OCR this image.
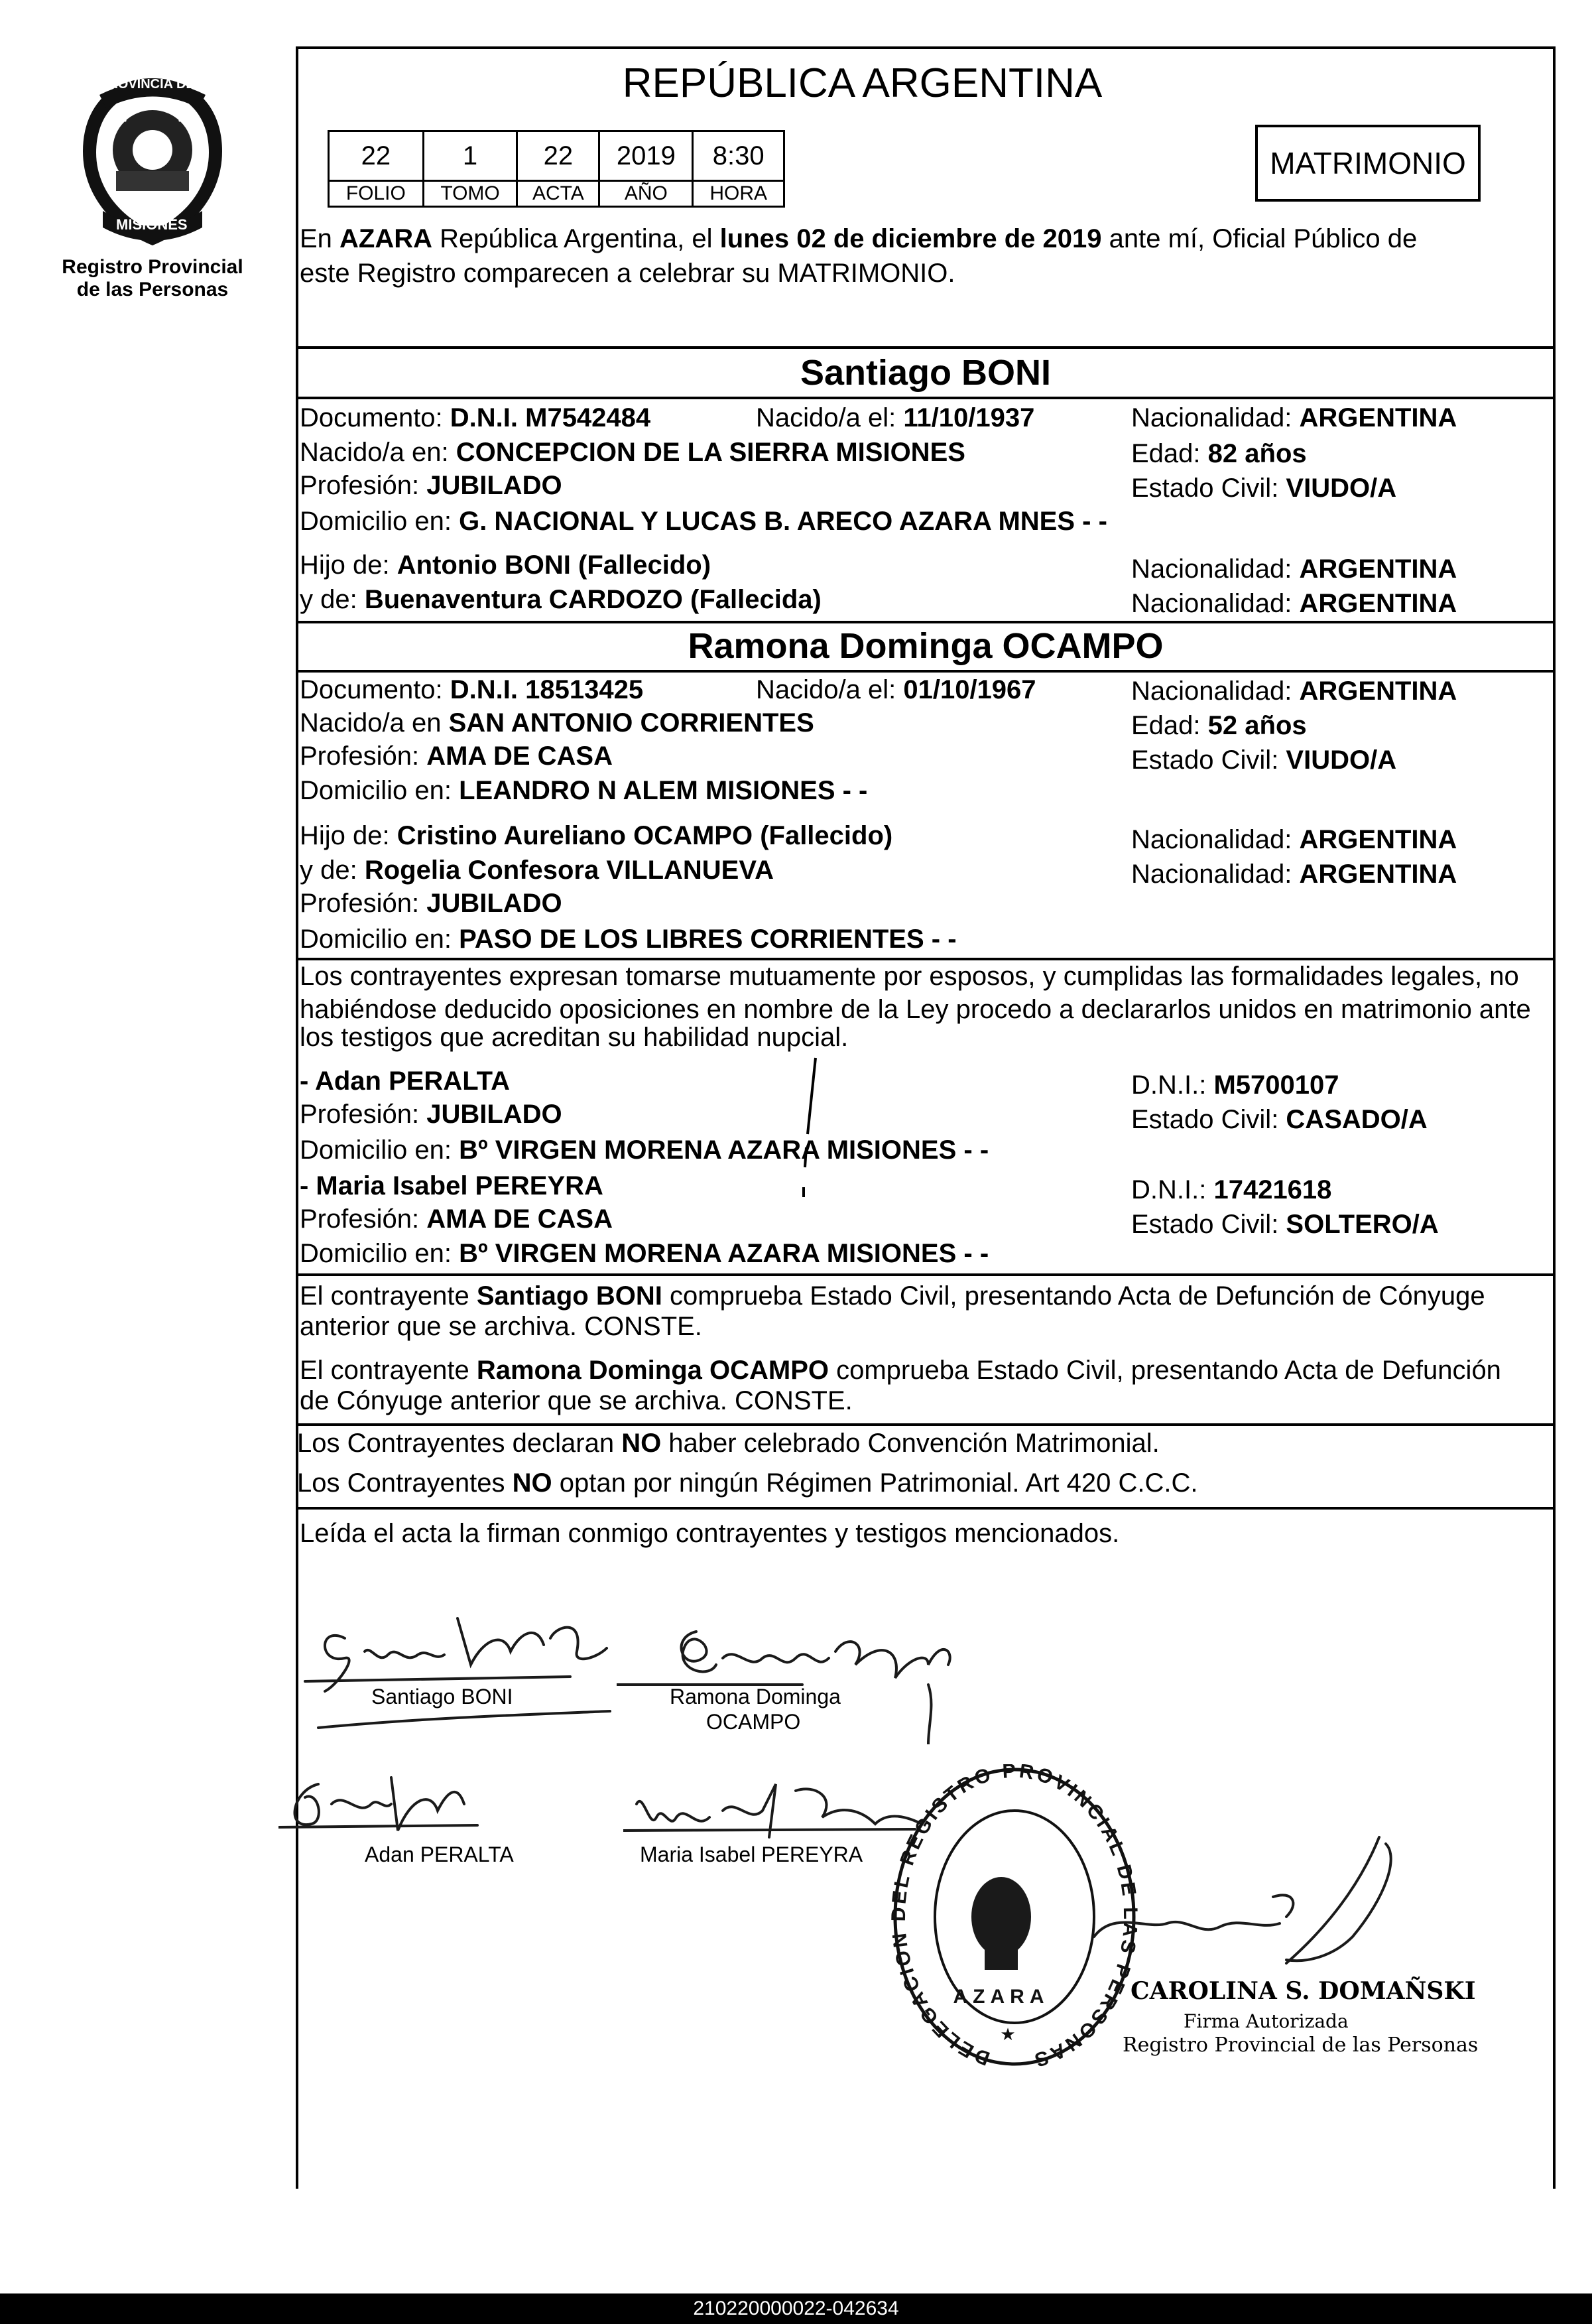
PROVINCIA DE
MISIONES
Registro Provincial
de las Personas
REPÚBLICA ARGENTINA
22	1	22	2019	8:30
FOLIO	TOMO	ACTA	AÑO	HORA
MATRIMONIO
En AZARA República Argentina, el lunes 02 de diciembre de 2019 ante mí, Oficial Público de
este Registro comparecen a celebrar su MATRIMONIO.
Santiago BONI
Documento: D.N.I. M7542484	Nacido/a el: 11/10/1937	Nacionalidad: ARGENTINA
Nacido/a en: CONCEPCION DE LA SIERRA MISIONES	Edad: 82 años
Profesión: JUBILADO	Estado Civil: VIUDO/A
Domicilio en: G. NACIONAL Y LUCAS B. ARECO AZARA MNES - -
Hijo de: Antonio BONI (Fallecido)	Nacionalidad: ARGENTINA
y de: Buenaventura CARDOZO (Fallecida)	Nacionalidad: ARGENTINA
Ramona Dominga OCAMPO
Documento: D.N.I. 18513425	Nacido/a el: 01/10/1967	Nacionalidad: ARGENTINA
Nacido/a en SAN ANTONIO CORRIENTES	Edad: 52 años
Profesión: AMA DE CASA	Estado Civil: VIUDO/A
Domicilio en: LEANDRO N ALEM MISIONES - -
Hijo de: Cristino Aureliano OCAMPO (Fallecido)	Nacionalidad: ARGENTINA
y de: Rogelia Confesora VILLANUEVA	Nacionalidad: ARGENTINA
Profesión: JUBILADO
Domicilio en: PASO DE LOS LIBRES CORRIENTES - -
Los contrayentes expresan tomarse mutuamente por esposos, y cumplidas las formalidades legales, no
habiéndose deducido oposiciones en nombre de la Ley procedo a declararlos unidos en matrimonio ante
los testigos que acreditan su habilidad nupcial.
- Adan PERALTA	D.N.I.: M5700107
Profesión: JUBILADO	Estado Civil: CASADO/A
Domicilio en: Bº VIRGEN MORENA AZARA MISIONES - -
- Maria Isabel PEREYRA	D.N.I.: 17421618
Profesión: AMA DE CASA	Estado Civil: SOLTERO/A
Domicilio en: Bº VIRGEN MORENA AZARA MISIONES - -
El contrayente Santiago BONI comprueba Estado Civil, presentando Acta de Defunción de Cónyuge
anterior que se archiva. CONSTE.
El contrayente Ramona Dominga OCAMPO comprueba Estado Civil, presentando Acta de Defunción
de Cónyuge anterior que se archiva. CONSTE.
Los Contrayentes declaran NO haber celebrado Convención Matrimonial.
Los Contrayentes NO optan por ningún Régimen Patrimonial. Art 420 C.C.C.
Leída el acta la firman conmigo contrayentes y testigos mencionados.
Santiago BONI	Ramona Dominga
OCAMPO
Adan PERALTA	Maria Isabel PEREYRA
DELEGACION DEL REGISTRO PROVINCIAL DE LAS PERSONAS
AZARA
★
CAROLINA S. DOMAÑSKI
Firma Autorizada
Registro Provincial de las Personas
210220000022-042634
